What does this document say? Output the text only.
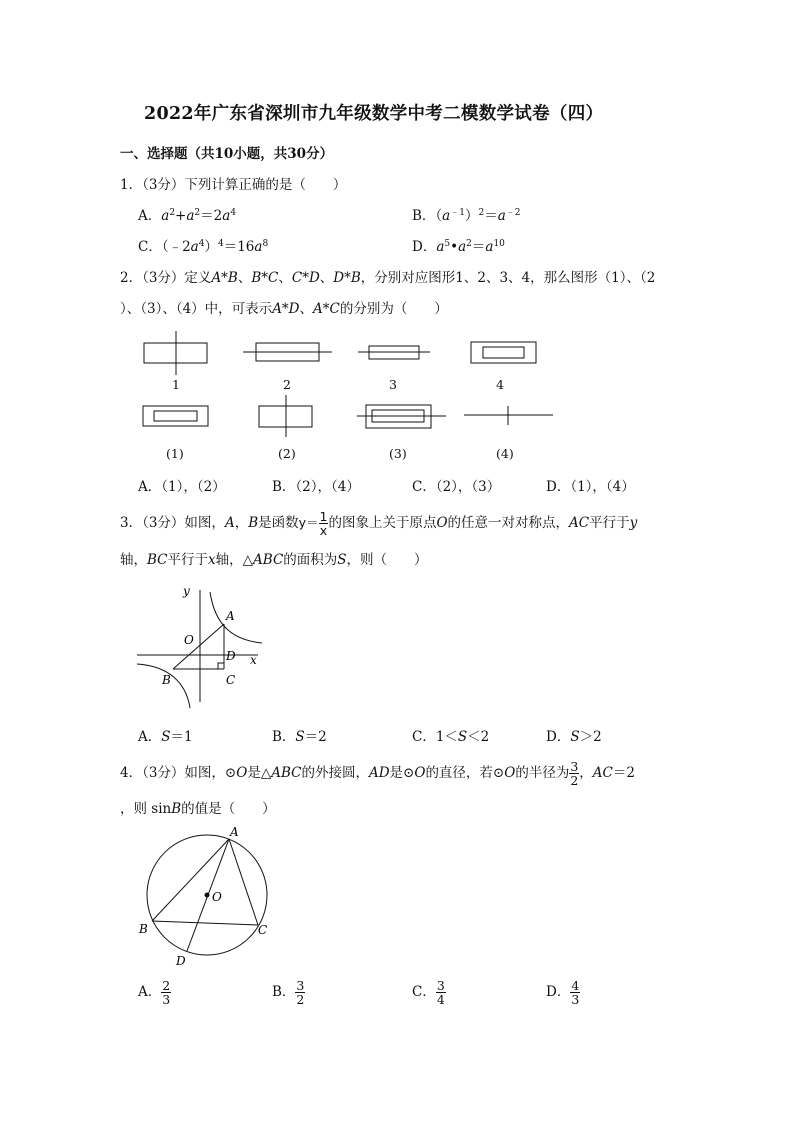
2022年广东省深圳市九年级数学中考二模数学试卷（四）
一、选择题（共10小题，共30分）
1．（3分）下列计算正确的是（　　）
A．$a^2+a^2=2a^4$	B．$(a^{﹣1})^2=a^{﹣2}$
C．$(﹣2a^4)^4=16a^8$	D．$a^5•a^2=a^{10}$
2．（3分）定义A*B、B*C、C*D、D*B，分别对应图形1、2、3、4，那么图形（1）、（2
）、（3）、（4）中，可表示A*D、A*C的分别为（　　）
1	2	3	4
(1)	(2)	(3)	(4)
A．（1），（2）	B．（2），（4）	C．（2），（3）	D．（1），（4）
3．（3分）如图，A，B是函数$y= \frac{1}{x}$ 的图象上关于原点O的任意一对对称点，AC平行于y
轴，BC平行于x轴，△ABC的面积为S，则（　　）
y
x
O
A
D
B	C
A．S＝1	B．S＝2	C．1＜S＜2	D．S＞2
4．（3分）如图，⊙O是△ABC的外接圆，AD是⊙O的直径，若⊙O的半径为 $\frac{3}{2}$ ，AC＝2
，则 sinB的值是（　　）
A
O
B	C
D
A． $\frac{2}{3}$	B． $\frac{3}{2}$	C． $\frac{3}{4}$	D． $\frac{4}{3}$
